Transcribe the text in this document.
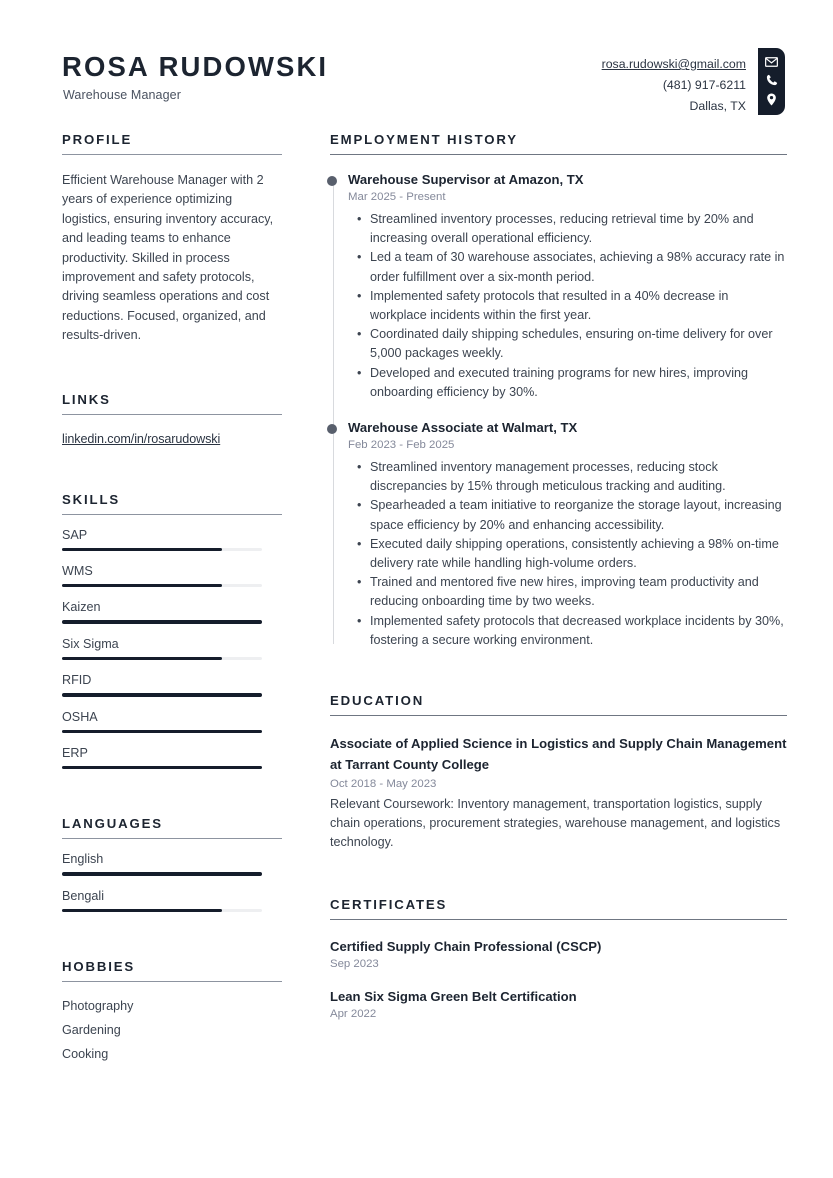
ROSA RUDOWSKI
Warehouse Manager
rosa.rudowski@gmail.com
(481) 917-6211
Dallas, TX
PROFILE
Efficient Warehouse Manager with 2 years of experience optimizing logistics, ensuring inventory accuracy, and leading teams to enhance productivity. Skilled in process improvement and safety protocols, driving seamless operations and cost reductions. Focused, organized, and results-driven.
LINKS
linkedin.com/in/rosarudowski
SKILLS
SAP
WMS
Kaizen
Six Sigma
RFID
OSHA
ERP
LANGUAGES
English
Bengali
HOBBIES
Photography
Gardening
Cooking
EMPLOYMENT HISTORY
Warehouse Supervisor at Amazon, TX
Mar 2025 - Present
• Streamlined inventory processes, reducing retrieval time by 20% and increasing overall operational efficiency.
• Led a team of 30 warehouse associates, achieving a 98% accuracy rate in order fulfillment over a six-month period.
• Implemented safety protocols that resulted in a 40% decrease in workplace incidents within the first year.
• Coordinated daily shipping schedules, ensuring on-time delivery for over 5,000 packages weekly.
• Developed and executed training programs for new hires, improving onboarding efficiency by 30%.
Warehouse Associate at Walmart, TX
Feb 2023 - Feb 2025
• Streamlined inventory management processes, reducing stock discrepancies by 15% through meticulous tracking and auditing.
• Spearheaded a team initiative to reorganize the storage layout, increasing space efficiency by 20% and enhancing accessibility.
• Executed daily shipping operations, consistently achieving a 98% on-time delivery rate while handling high-volume orders.
• Trained and mentored five new hires, improving team productivity and reducing onboarding time by two weeks.
• Implemented safety protocols that decreased workplace incidents by 30%, fostering a secure working environment.
EDUCATION
Associate of Applied Science in Logistics and Supply Chain Management at Tarrant County College
Oct 2018 - May 2023
Relevant Coursework: Inventory management, transportation logistics, supply chain operations, procurement strategies, warehouse management, and logistics technology.
CERTIFICATES
Certified Supply Chain Professional (CSCP)
Sep 2023
Lean Six Sigma Green Belt Certification
Apr 2022
